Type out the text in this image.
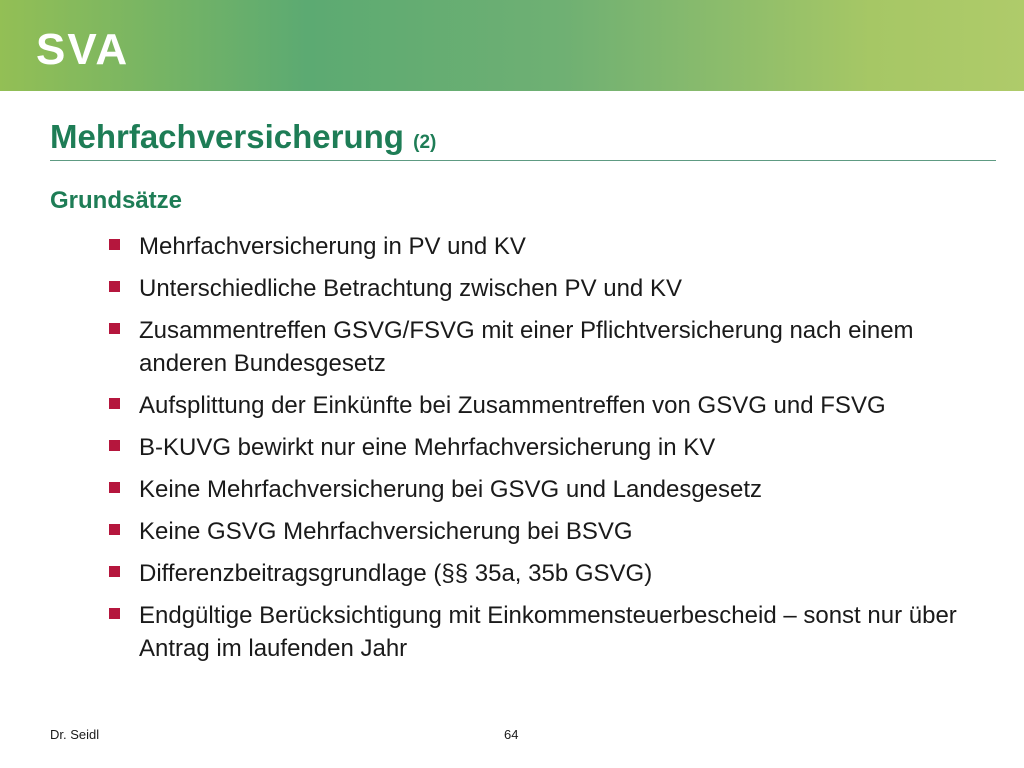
SVA
Mehrfachversicherung (2)
Grundsätze
Mehrfachversicherung in PV und KV
Unterschiedliche Betrachtung zwischen PV und KV
Zusammentreffen GSVG/FSVG mit einer Pflichtversicherung nach einem anderen Bundesgesetz
Aufsplittung der Einkünfte bei Zusammentreffen von GSVG und FSVG
B-KUVG bewirkt nur eine Mehrfachversicherung in KV
Keine Mehrfachversicherung bei GSVG und Landesgesetz
Keine GSVG Mehrfachversicherung bei BSVG
Differenzbeitragsgrundlage (§§ 35a, 35b GSVG)
Endgültige Berücksichtigung mit Einkommensteuerbescheid – sonst nur über Antrag im laufenden Jahr
Dr. Seidl	64
